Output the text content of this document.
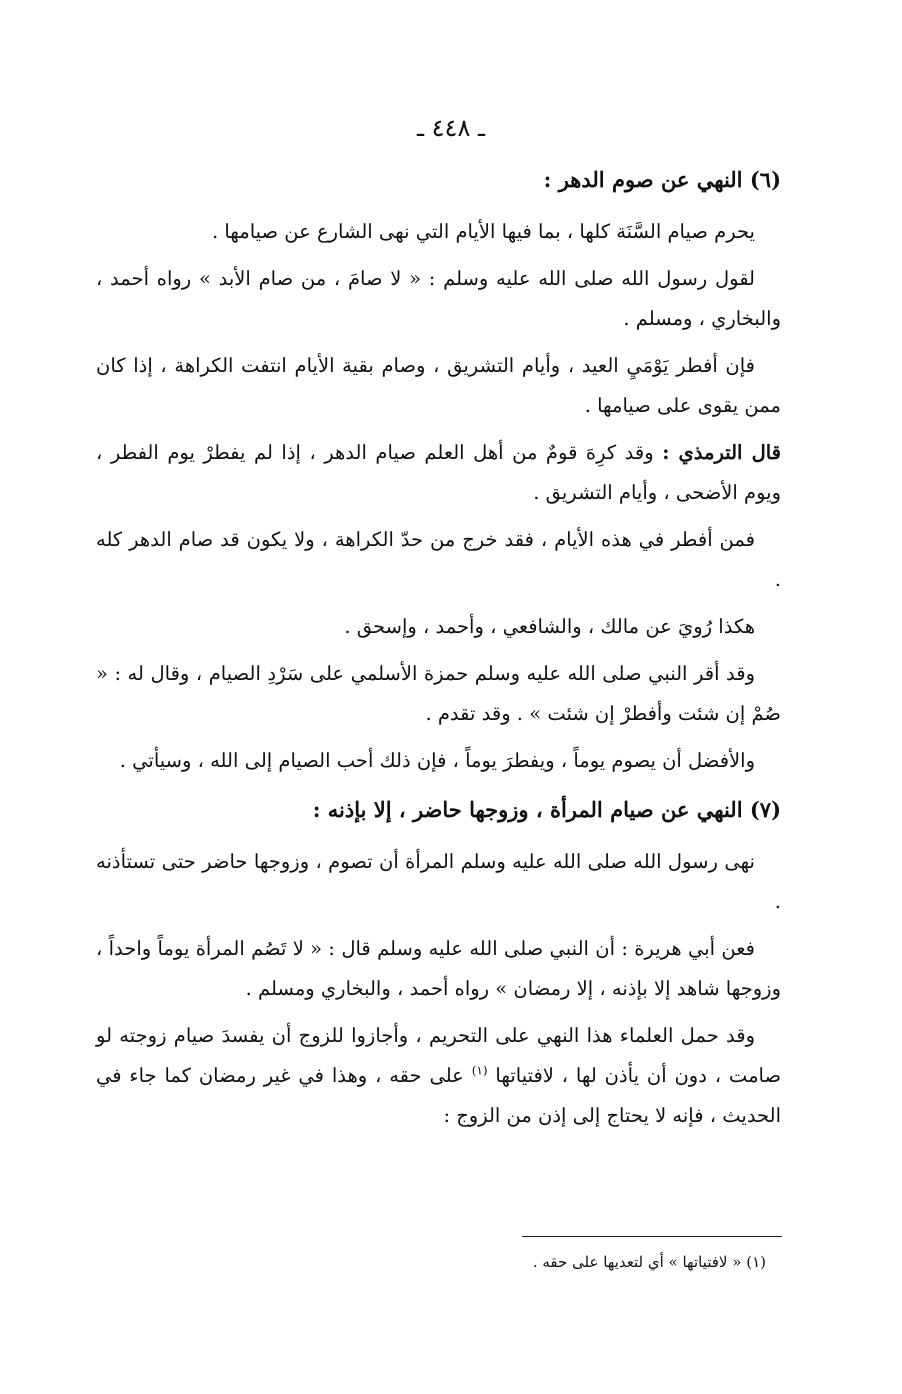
ـ ٤٤٨ ـ
(٦) النهي عن صوم الدهر :

يحرم صيام السَّنَة كلها ، بما فيها الأيام التي نهى الشارع عن صيامها .

لقول رسول الله صلى الله عليه وسلم : « لا صامَ ، من صام الأبد » رواه أحمد ، والبخاري ، ومسلم .

فإن أفطر يَوْمَيِ العيد ، وأيام التشريق ، وصام بقية الأيام انتفت الكراهة ، إذا كان ممن يقوى على صيامها .

قال الترمذي : وقد كرِهَ قومٌ من أهل العلم صيام الدهر ، إذا لم يفطرْ يوم الفطر ، ويوم الأضحى ، وأيام التشريق .

فمن أفطر في هذه الأيام ، فقد خرج من حدّ الكراهة ، ولا يكون قد صام الدهر كله .

هكذا رُويَ عن مالك ، والشافعي ، وأحمد ، وإسحق .

وقد أقر النبي صلى الله عليه وسلم حمزة الأسلمي على سَرْدِ الصيام ، وقال له : « صُمْ إن شئت وأفطرْ إن شئت » . وقد تقدم .

والأفضل أن يصوم يوماً ، ويفطرَ يوماً ، فإن ذلك أحب الصيام إلى الله ، وسيأتي .

(٧) النهي عن صيام المرأة ، وزوجها حاضر ، إلا بإذنه :

نهى رسول الله صلى الله عليه وسلم المرأة أن تصوم ، وزوجها حاضر حتى تستأذنه .

فعن أبي هريرة : أن النبي صلى الله عليه وسلم قال : « لا تَصُم المرأة يوماً واحداً ، وزوجها شاهد إلا بإذنه ، إلا رمضان » رواه أحمد ، والبخاري ومسلم .

وقد حمل العلماء هذا النهي على التحريم ، وأجازوا للزوج أن يفسدَ صيام زوجته لو صامت ، دون أن يأذن لها ، لافتياتها $^{(١)}$ على حقه ، وهذا في غير رمضان كما جاء في الحديث ، فإنه لا يحتاج إلى إذن من الزوج :

(١) « لافتياتها » أي لتعديها على حقه .
